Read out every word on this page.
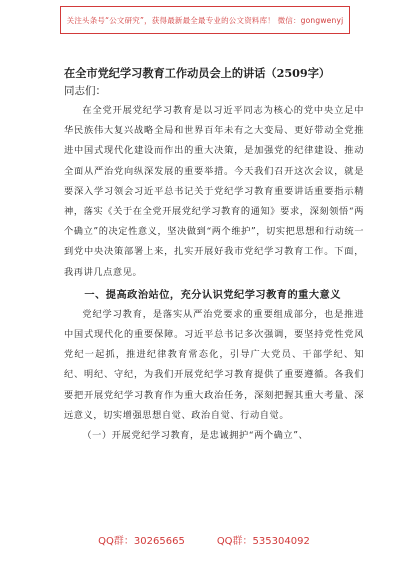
关注头条号“公文研究”，获得最新最全最专业的公文资料库！ 微信：gongwenyj
在全市党纪学习教育工作动员会上的讲话（2509字）
同志们：

在全党开展党纪学习教育是以习近平同志为核心的党中央立足中华民族伟大复兴战略全局和世界百年未有之大变局、更好带动全党推进中国式现代化建设而作出的重大决策，是加强党的纪律建设、推动全面从严治党向纵深发展的重要举措。今天我们召开这次会议，就是要深入学习领会习近平总书记关于党纪学习教育重要讲话重要指示精神，落实《关于在全党开展党纪学习教育的通知》要求，深刻领悟“两个确立”的决定性意义，坚决做到“两个维护”，切实把思想和行动统一到党中央决策部署上来，扎实开展好我市党纪学习教育工作。下面，我再讲几点意见。

一、提高政治站位，充分认识党纪学习教育的重大意义

党纪学习教育，是落实从严治党要求的重要组成部分，也是推进中国式现代化的重要保障。习近平总书记多次强调，要坚持党性党风党纪一起抓，推进纪律教育常态化，引导广大党员、干部学纪、知纪、明纪、守纪，为我们开展党纪学习教育提供了重要遵循。各我们要把开展党纪学习教育作为重大政治任务，深刻把握其重大考量、深远意义，切实增强思想自觉、政治自觉、行动自觉。

（一）开展党纪学习教育，是忠诚拥护“两个确立”、

QQ群：30265665	QQ群：535304092
